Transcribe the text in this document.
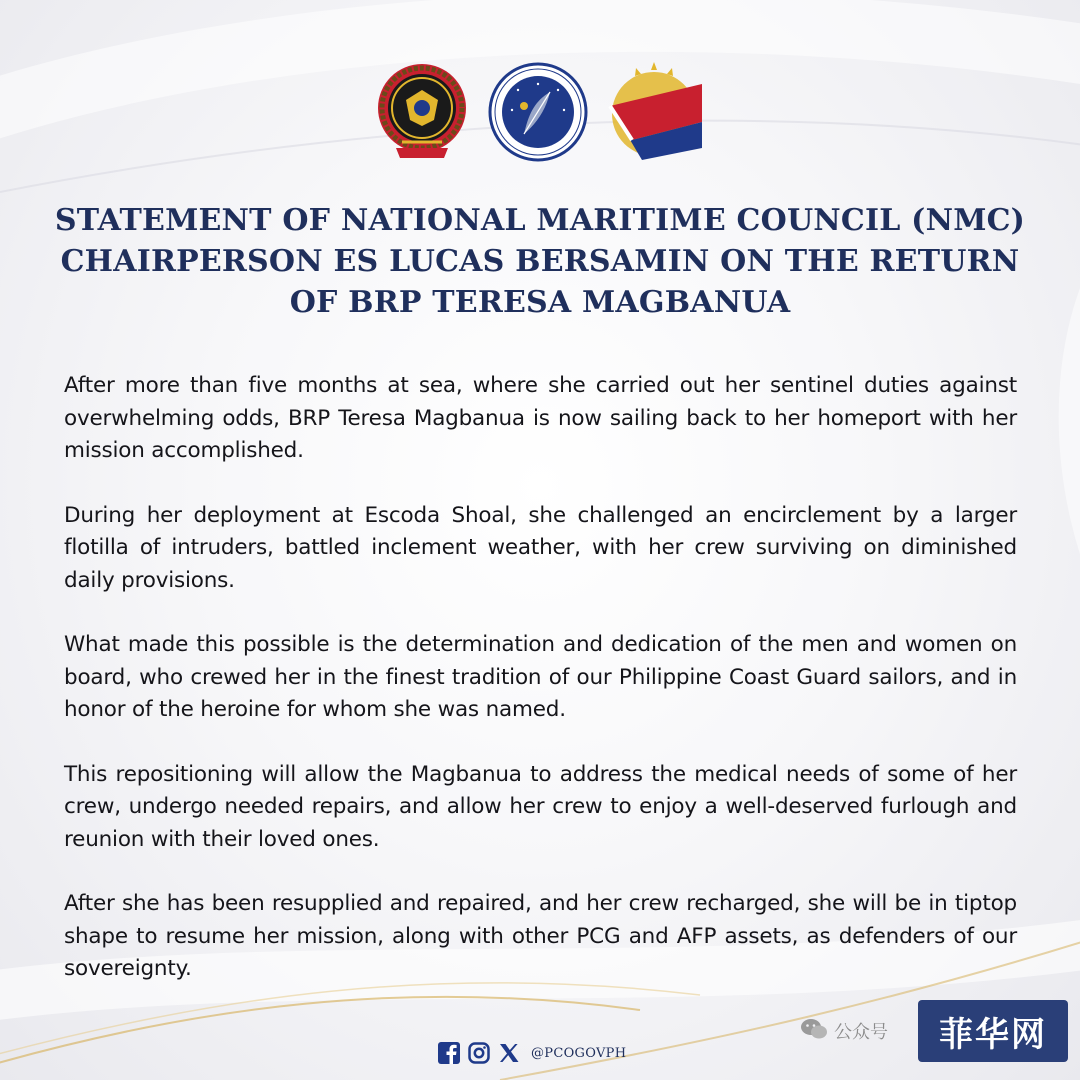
STATEMENT OF NATIONAL MARITIME COUNCIL (NMC)
CHAIRPERSON ES LUCAS BERSAMIN ON THE RETURN
OF BRP TERESA MAGBANUA

After more than five months at sea, where she carried out her sentinel duties against overwhelming odds, BRP Teresa Magbanua is now sailing back to her homeport with her mission accomplished.

During her deployment at Escoda Shoal, she challenged an encirclement by a larger flotilla of intruders, battled inclement weather, with her crew surviving on diminished daily provisions.

What made this possible is the determination and dedication of the men and women on board, who crewed her in the finest tradition of our Philippine Coast Guard sailors, and in honor of the heroine for whom she was named.

This repositioning will allow the Magbanua to address the medical needs of some of her crew, undergo needed repairs, and allow her crew to enjoy a well-deserved furlough and reunion with their loved ones.

After she has been resupplied and repaired, and her crew recharged, she will be in tiptop shape to resume her mission, along with other PCG and AFP assets, as defenders of our sovereignty.

@PCOGOVPH
公众号	菲华网
